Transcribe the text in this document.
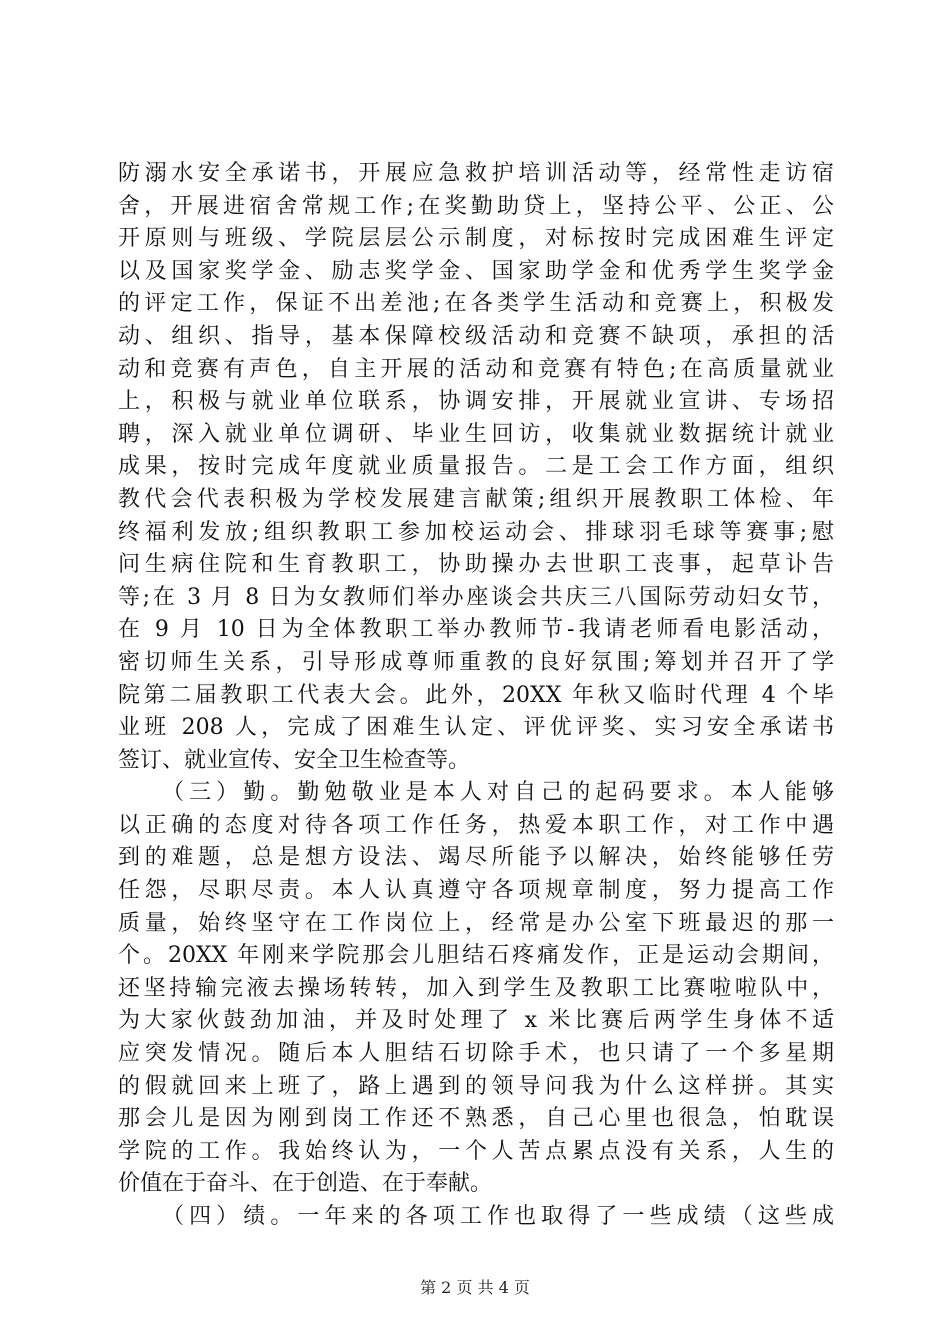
防溺水安全承诺书，开展应急救护培训活动等，经常性走访宿
舍，开展进宿舍常规工作;在奖勤助贷上，坚持公平、公正、公
开原则与班级、学院层层公示制度，对标按时完成困难生评定
以及国家奖学金、励志奖学金、国家助学金和优秀学生奖学金
的评定工作，保证不出差池;在各类学生活动和竞赛上，积极发
动、组织、指导，基本保障校级活动和竞赛不缺项，承担的活
动和竞赛有声色，自主开展的活动和竞赛有特色;在高质量就业
上，积极与就业单位联系，协调安排，开展就业宣讲、专场招
聘，深入就业单位调研、毕业生回访，收集就业数据统计就业
成果，按时完成年度就业质量报告。二是工会工作方面，组织
教代会代表积极为学校发展建言献策;组织开展教职工体检、年
终福利发放;组织教职工参加校运动会、排球羽毛球等赛事;慰
问生病住院和生育教职工，协助操办去世职工丧事，起草讣告
等;在 3 月 8 日为女教师们举办座谈会共庆三八国际劳动妇女节，
在 9 月 10 日为全体教职工举办教师节-我请老师看电影活动，
密切师生关系，引导形成尊师重教的良好氛围;筹划并召开了学
院第二届教职工代表大会。此外，20XX 年秋又临时代理 4 个毕
业班 208 人，完成了困难生认定、评优评奖、实习安全承诺书
签订、就业宣传、安全卫生检查等。
（三）勤。勤勉敬业是本人对自己的起码要求。本人能够
以正确的态度对待各项工作任务，热爱本职工作，对工作中遇
到的难题，总是想方设法、竭尽所能予以解决，始终能够任劳
任怨，尽职尽责。本人认真遵守各项规章制度，努力提高工作
质量，始终坚守在工作岗位上，经常是办公室下班最迟的那一
个。20XX 年刚来学院那会儿胆结石疼痛发作，正是运动会期间，
还坚持输完液去操场转转，加入到学生及教职工比赛啦啦队中，
为大家伙鼓劲加油，并及时处理了 x 米比赛后两学生身体不适
应突发情况。随后本人胆结石切除手术，也只请了一个多星期
的假就回来上班了，路上遇到的领导问我为什么这样拼。其实
那会儿是因为刚到岗工作还不熟悉，自己心里也很急，怕耽误
学院的工作。我始终认为，一个人苦点累点没有关系，人生的
价值在于奋斗、在于创造、在于奉献。
（四）绩。一年来的各项工作也取得了一些成绩（这些成
第 2 页 共 4 页
